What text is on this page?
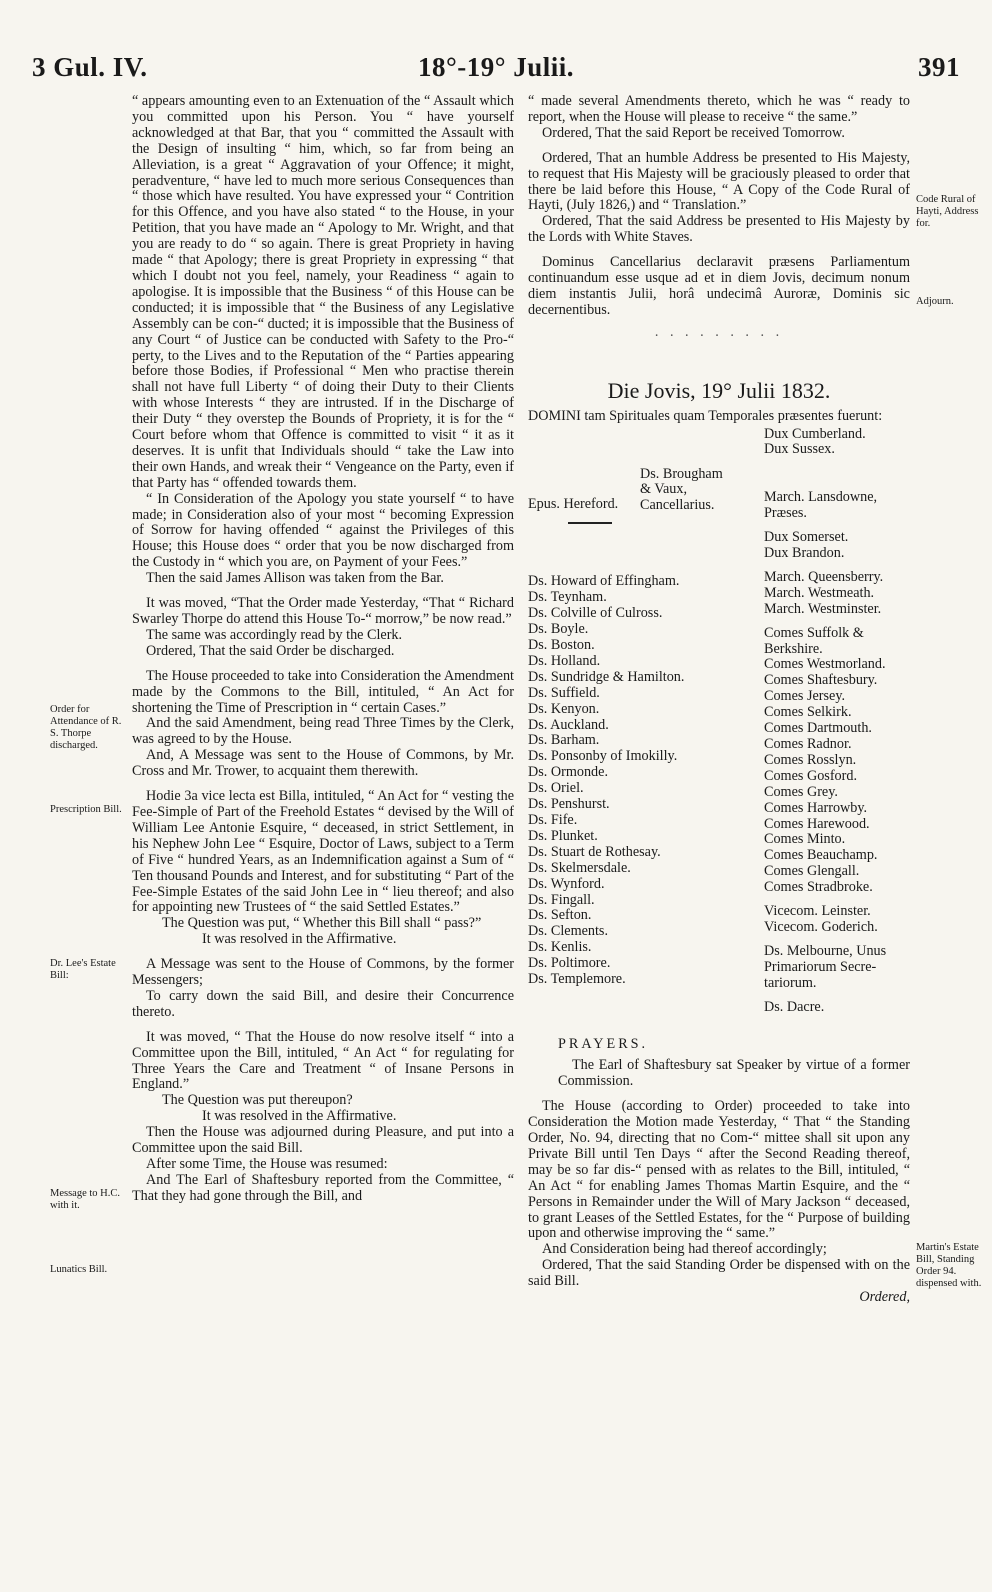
3 Gul. IV.	18°-19° Julii.	391

“ appears amounting even to an Extenuation of the “ Assault which you committed upon his Person. You “ have yourself acknowledged at that Bar, that you “ committed the Assault with the Design of insulting “ him, which, so far from being an Alleviation, is a great “ Aggravation of your Offence; it might, peradventure, “ have led to much more serious Consequences than “ those which have resulted. You have expressed your “ Contrition for this Offence, and you have also stated “ to the House, in your Petition, that you have made an “ Apology to Mr. Wright, and that you are ready to do “ so again. There is great Propriety in having made “ that Apology; there is great Propriety in expressing “ that which I doubt not you feel, namely, your Readiness “ again to apologise. It is impossible that the Business “ of this House can be conducted; it is impossible that “ the Business of any Legislative Assembly can be con-“ ducted; it is impossible that the Business of any Court “ of Justice can be conducted with Safety to the Pro-“ perty, to the Lives and to the Reputation of the “ Parties appearing before those Bodies, if Professional “ Men who practise therein shall not have full Liberty “ of doing their Duty to their Clients with whose Interests “ they are intrusted. If in the Discharge of their Duty “ they overstep the Bounds of Propriety, it is for the “ Court before whom that Offence is committed to visit “ it as it deserves. It is unfit that Individuals should “ take the Law into their own Hands, and wreak their “ Vengeance on the Party, even if that Party has “ offended towards them.

“ In Consideration of the Apology you state yourself “ to have made; in Consideration also of your most “ becoming Expression of Sorrow for having offended “ against the Privileges of this House; this House does “ order that you be now discharged from the Custody in “ which you are, on Payment of your Fees.”

Then the said James Allison was taken from the Bar.

It was moved, “That the Order made Yesterday, “That “ Richard Swarley Thorpe do attend this House To-“ morrow,” be now read.”

The same was accordingly read by the Clerk.

Ordered, That the said Order be discharged.

The House proceeded to take into Consideration the Amendment made by the Commons to the Bill, intituled, “ An Act for shortening the Time of Prescription in “ certain Cases.”

And the said Amendment, being read Three Times by the Clerk, was agreed to by the House.

And, A Message was sent to the House of Commons, by Mr. Cross and Mr. Trower, to acquaint them therewith.

Hodie 3a vice lecta est Billa, intituled, “ An Act for “ vesting the Fee-Simple of Part of the Freehold Estates “ devised by the Will of William Lee Antonie Esquire, “ deceased, in strict Settlement, in his Nephew John Lee “ Esquire, Doctor of Laws, subject to a Term of Five “ hundred Years, as an Indemnification against a Sum of “ Ten thousand Pounds and Interest, and for substituting “ Part of the Fee-Simple Estates of the said John Lee in “ lieu thereof; and also for appointing new Trustees of “ the said Settled Estates.”

The Question was put, “ Whether this Bill shall “ pass?”

It was resolved in the Affirmative.

A Message was sent to the House of Commons, by the former Messengers;

To carry down the said Bill, and desire their Concurrence thereto.

It was moved, “ That the House do now resolve itself “ into a Committee upon the Bill, intituled, “ An Act “ for regulating for Three Years the Care and Treatment “ of Insane Persons in England.”

The Question was put thereupon?

It was resolved in the Affirmative.

Then the House was adjourned during Pleasure, and put into a Committee upon the said Bill.

After some Time, the House was resumed:

And The Earl of Shaftesbury reported from the Committee, “ That they had gone through the Bill, and

Order for Attendance of R. S. Thorpe discharged.
Prescription Bill.
Dr. Lee's Estate Bill:
Message to H.C. with it.
Lunatics Bill.

“ made several Amendments thereto, which he was “ ready to report, when the House will please to receive “ the same.”

Ordered, That the said Report be received Tomorrow.

Ordered, That an humble Address be presented to His Majesty, to request that His Majesty will be graciously pleased to order that there be laid before this House, “ A Copy of the Code Rural of Hayti, (July 1826,) and “ Translation.”

Ordered, That the said Address be presented to His Majesty by the Lords with White Staves.

Dominus Cancellarius declaravit præsens Parliamentum continuandum esse usque ad et in diem Jovis, decimum nonum diem instantis Julii, horâ undecimâ Auroræ, Dominis sic decernentibus.

. . . . . . . . .
Die Jovis, 19° Julii 1832.

DOMINI tam Spirituales quam Temporales præsentes fuerunt:

Ds. Brougham
& Vaux,
Cancellarius.
Epus. Hereford.
Ds. Howard of Effingham.
Ds. Teynham.
Ds. Colville of Culross.
Ds. Boyle.
Ds. Boston.
Ds. Holland.
Ds. Sundridge & Hamilton.
Ds. Suffield.
Ds. Kenyon.
Ds. Auckland.
Ds. Barham.
Ds. Ponsonby of Imokilly.
Ds. Ormonde.
Ds. Oriel.
Ds. Penshurst.
Ds. Fife.
Ds. Plunket.
Ds. Stuart de Rothesay.
Ds. Skelmersdale.
Ds. Wynford.
Ds. Fingall.
Ds. Sefton.
Ds. Clements.
Ds. Kenlis.
Ds. Poltimore.
Ds. Templemore.
Dux Cumberland.
Dux Sussex.
March. Lansdowne,
Præses.
Dux Somerset.
Dux Brandon.
March. Queensberry.
March. Westmeath.
March. Westminster.
Comes Suffolk &
Berkshire.
Comes Westmorland.
Comes Shaftesbury.
Comes Jersey.
Comes Selkirk.
Comes Dartmouth.
Comes Radnor.
Comes Rosslyn.
Comes Gosford.
Comes Grey.
Comes Harrowby.
Comes Harewood.
Comes Minto.
Comes Beauchamp.
Comes Glengall.
Comes Stradbroke.
Vicecom. Leinster.
Vicecom. Goderich.
Ds. Melbourne, Unus
Primariorum Secre-
tariorum.
Ds. Dacre.
PRAYERS.

The Earl of Shaftesbury sat Speaker by virtue of a former Commission.

The House (according to Order) proceeded to take into Consideration the Motion made Yesterday, “ That “ the Standing Order, No. 94, directing that no Com-“ mittee shall sit upon any Private Bill until Ten Days “ after the Second Reading thereof, may be so far dis-“ pensed with as relates to the Bill, intituled, “ An Act “ for enabling James Thomas Martin Esquire, and the “ Persons in Remainder under the Will of Mary Jackson “ deceased, to grant Leases of the Settled Estates, for the “ Purpose of building upon and otherwise improving the “ same.”

And Consideration being had thereof accordingly;

Ordered, That the said Standing Order be dispensed with on the said Bill.

Ordered,
Code Rural of Hayti, Address for.
Adjourn.
Martin's Estate Bill, Standing Order 94. dispensed with.
